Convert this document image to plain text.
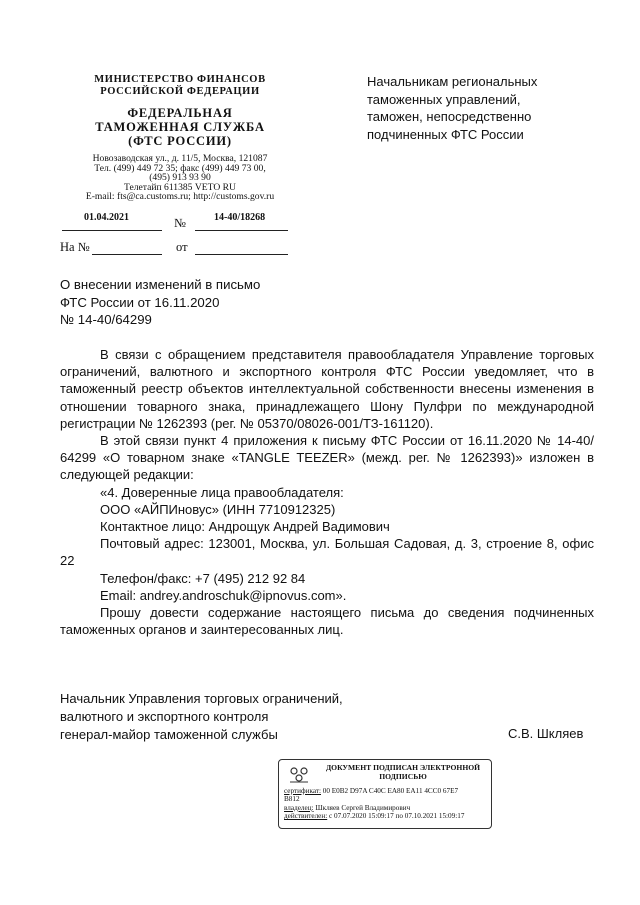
МИНИСТЕРСТВО ФИНАНСОВ
РОССИЙСКОЙ ФЕДЕРАЦИИ
ФЕДЕРАЛЬНАЯ
ТАМОЖЕННАЯ СЛУЖБА
(ФТС РОССИИ)
Новозаводская ул., д. 11/5, Москва, 121087
Тел. (499) 449 72 35; факс (499) 449 73 00,
(495) 913 93 90
Телетайп 611385 VETO RU
E-mail: fts@ca.customs.ru; http://customs.gov.ru
01.04.2021	№	14-40/18268
На №	от
Начальникам региональных
таможенных управлений,
таможен, непосредственно
подчиненных ФТС России
О внесении изменений в письмо
ФТС России от 16.11.2020
№ 14-40/64299

В связи с обращением представителя правообладателя Управление торговых ограничений, валютного и экспортного контроля ФТС России уведомляет, что в таможенный реестр объектов интеллектуальной собственности внесены изменения в отношении товарного знака, принадлежащего Шону Пулфри по международной регистрации № 1262393 (рег. № 05370/08026-001/ТЗ-161120).

В этой связи пункт 4 приложения к письму ФТС России от 16.11.2020 № 14-40/ 64299 «О товарном знаке «TANGLE TEEZER» (межд. рег. № 1262393)» изложен в следующей редакции:

«4. Доверенные лица правообладателя:

ООО «АЙПИновус» (ИНН 7710912325)

Контактное лицо: Андрощук Андрей Вадимович

Почтовый адрес: 123001, Москва, ул. Большая Садовая, д. 3, строение 8, офис 22

Телефон/факс: +7 (495) 212 92 84

Email: andrey.androschuk@ipnovus.com».

Прошу довести содержание настоящего письма до сведения подчиненных таможенных органов и заинтересованных лиц.

Начальник Управления торговых ограничений,
валютного и экспортного контроля
генерал-майор таможенной службы	С.В. Шкляев
ДОКУМЕНТ ПОДПИСАН ЭЛЕКТРОННОЙ
ПОДПИСЬЮ
сертификат: 00 E0B2 D97A C40C EA80 EA11 4CC0 67E7
B812
владелец: Шкляев Сергей Владимирович
действителен: с 07.07.2020 15:09:17 по 07.10.2021 15:09:17
